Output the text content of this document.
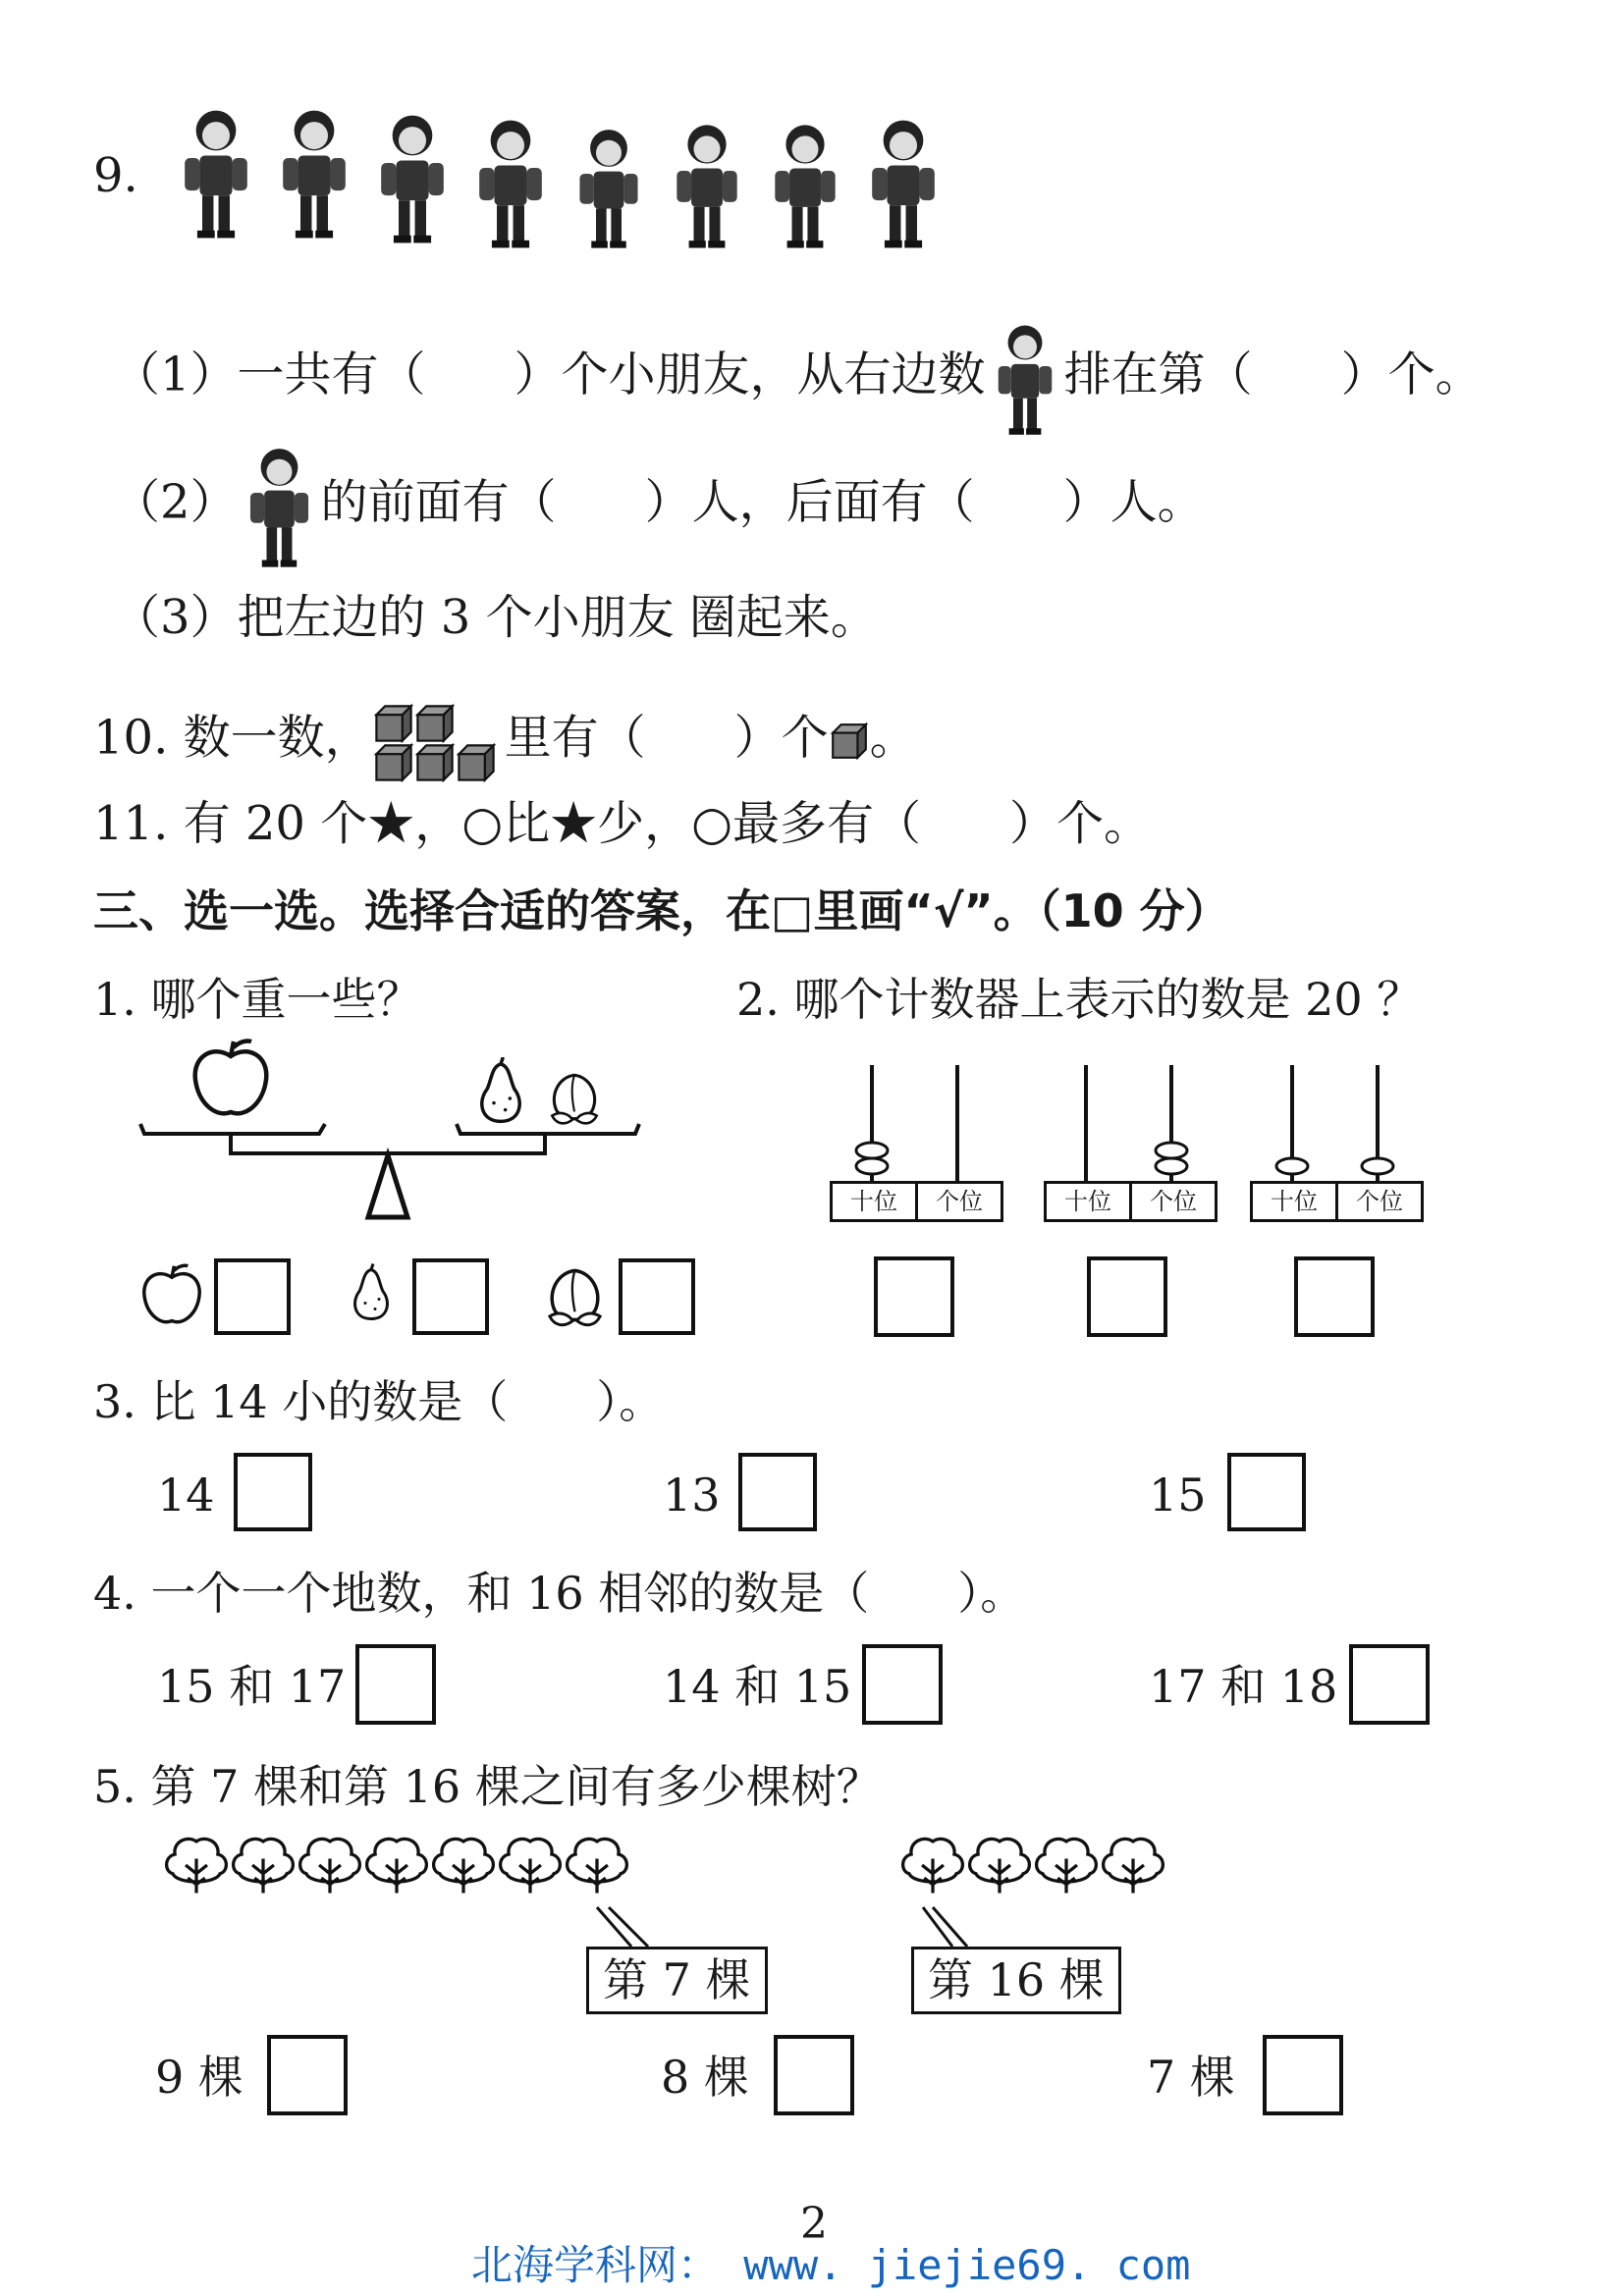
9.
（1）一共有（ ）个小朋友，从右边数 排在第（ ）个。
（2） 的前面有（ ）人，后面有（ ）人。
（3）把左边的 3 个小朋友 圈起来。
10. 数一数，	里有（ ）个 。
11. 有 20 个★，○比★少，○最多有（ ）个。
三、选一选。选择合适的答案，在□里画“√”。（10 分）
1. 哪个重一些？	2. 哪个计数器上表示的数是 20 ？
十位	个位	十位	个位	十位	个位
3. 比 14 小的数是（ ）。
14	13	15
4. 一个一个地数，和 16 相邻的数是（ ）。
15 和 17	14 和 15	17 和 18
5. 第 7 棵和第 16 棵之间有多少棵树？
第 7 棵	第 16 棵
9 棵	8 棵	7 棵
2
北海学科网： www. jiejie69. com
